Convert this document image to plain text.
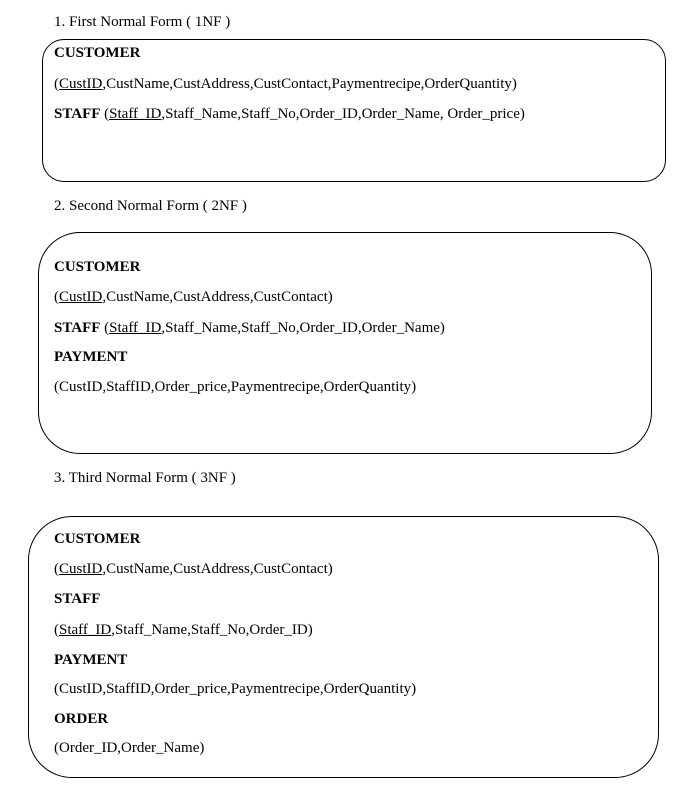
1. First Normal Form ( 1NF )
CUSTOMER
(CustID,CustName,CustAddress,CustContact,Paymentrecipe,OrderQuantity)
STAFF (Staff_ID,Staff_Name,Staff_No,Order_ID,Order_Name, Order_price)
2. Second Normal Form ( 2NF )
CUSTOMER
(CustID,CustName,CustAddress,CustContact)
STAFF (Staff_ID,Staff_Name,Staff_No,Order_ID,Order_Name)
PAYMENT
(CustID,StaffID,Order_price,Paymentrecipe,OrderQuantity)
3. Third Normal Form ( 3NF )
CUSTOMER
(CustID,CustName,CustAddress,CustContact)
STAFF
(Staff_ID,Staff_Name,Staff_No,Order_ID)
PAYMENT
(CustID,StaffID,Order_price,Paymentrecipe,OrderQuantity)
ORDER
(Order_ID,Order_Name)
